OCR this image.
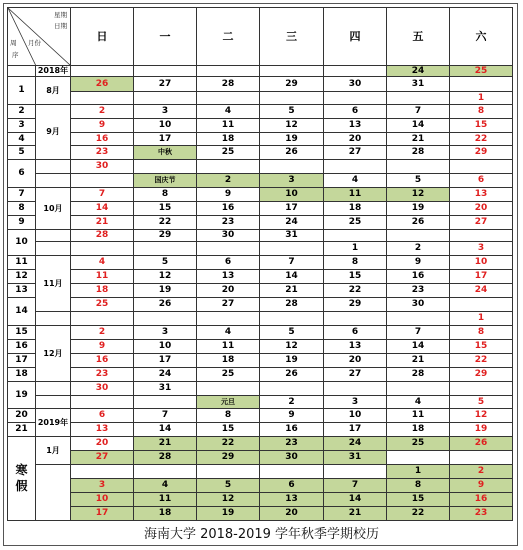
星期
日期
月份
周
序		日	一	二	三	四	五	六
	2018年						24	25
1	8月	26	27	28	29	30	31	
								1
2	9月	2	3	4	5	6	7	8
3		9	10	11	12	13	14	15
4		16	17	18	19	20	21	22
5		23	中秋	25	26	27	28	29
6		30						
			国庆节	2	3	4	5	6
7	10月	7	8	9	10	11	12	13
8		14	15	16	17	18	19	20
9		21	22	23	24	25	26	27
10		28	29	30	31			
						1	2	3
11	11月	4	5	6	7	8	9	10
12		11	12	13	14	15	16	17
13		18	19	20	21	22	23	24
14		25	26	27	28	29	30	
								1
15	12月	2	3	4	5	6	7	8
16		9	10	11	12	13	14	15
17		16	17	18	19	20	21	22
18		23	24	25	26	27	28	29
19		30	31					
				元旦	2	3	4	5
20	2019年	6	7	8	9	10	11	12
21		13	14	15	16	17	18	19
寒假	1月	20	21	22	23	24	25	26
		27	28	29	30	31		
							1	2
		3	4	5	6	7	8	9
		10	11	12	13	14	15	16
		17	18	19	20	21	22	23
海南大学 2018-2019 学年秋季学期校历
